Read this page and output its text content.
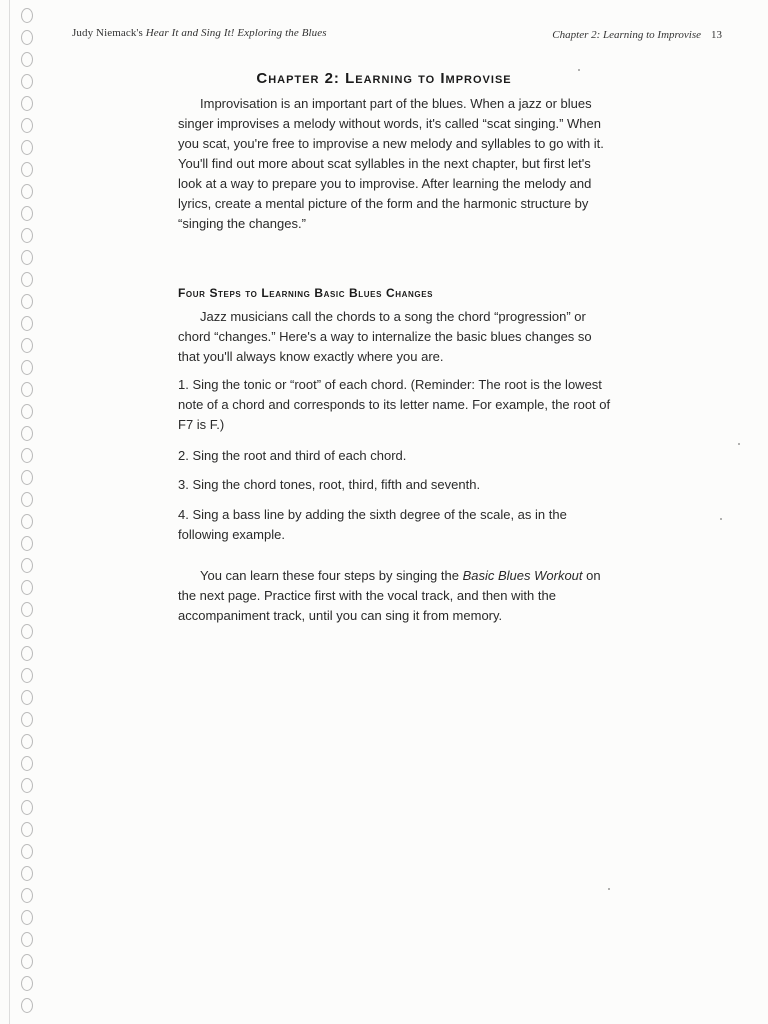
Judy Niemack's Hear It and Sing It! Exploring the Blues	Chapter 2: Learning to Improvise 13
Chapter 2: Learning to Improvise

Improvisation is an important part of the blues. When a jazz or blues singer improvises a melody without words, it's called “scat singing.” When you scat, you're free to improvise a new melody and syllables to go with it. You'll find out more about scat syllables in the next chapter, but first let's look at a way to prepare you to improvise. After learning the melody and lyrics, create a mental picture of the form and the harmonic structure by “singing the changes.”

Four Steps to Learning Basic Blues Changes

Jazz musicians call the chords to a song the chord “progression” or chord “changes.” Here's a way to internalize the basic blues changes so that you'll always know exactly where you are.

1. Sing the tonic or “root” of each chord. (Reminder: The root is the lowest note of a chord and corresponds to its letter name. For example, the root of F7 is F.)

2. Sing the root and third of each chord.

3. Sing the chord tones, root, third, fifth and seventh.

4. Sing a bass line by adding the sixth degree of the scale, as in the following example.

You can learn these four steps by singing the Basic Blues Workout on the next page. Practice first with the vocal track, and then with the accompaniment track, until you can sing it from memory.
